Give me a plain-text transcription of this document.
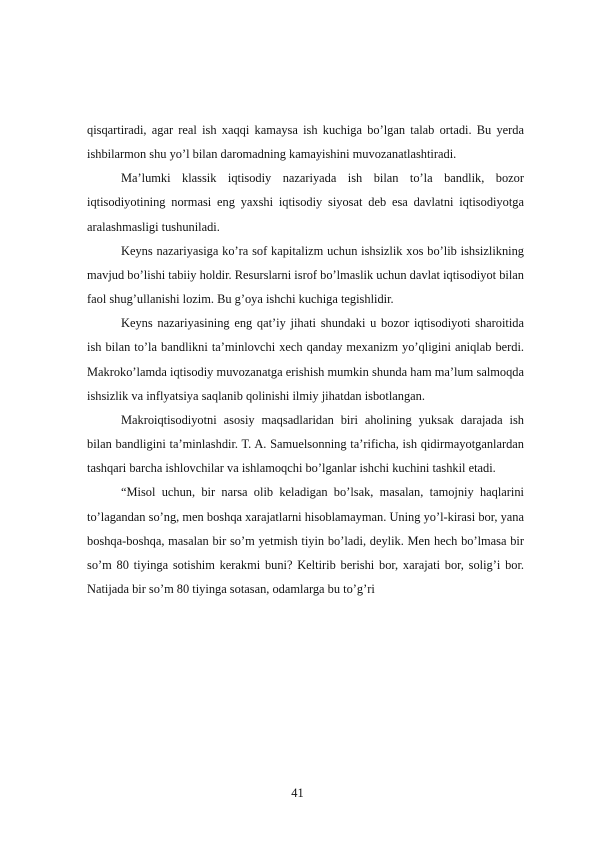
qisqartiradi, agar real ish xaqqi kamaysa ish kuchiga bo’lgan talab ortadi. Bu yerda ishbilarmon shu yo’l bilan daromadning kamayishini muvozanatlashtiradi.

Ma’lumki klassik iqtisodiy nazariyada ish bilan to’la bandlik, bozor iqtisodiyotining normasi eng yaxshi iqtisodiy siyosat deb esa davlatni iqtisodiyotga aralashmasligi tushuniladi.

Keyns nazariyasiga ko’ra sof kapitalizm uchun ishsizlik xos bo’lib ishsizlikning mavjud bo’lishi tabiiy holdir. Resurslarni isrof bo’lmaslik uchun davlat iqtisodiyot bilan faol shug’ullanishi lozim. Bu g’oya ishchi kuchiga tegishlidir.

Keyns nazariyasining eng qat’iy jihati shundaki u bozor iqtisodiyoti sharoitida ish bilan to’la bandlikni ta’minlovchi xech qanday mexanizm yo’qligini aniqlab berdi. Makroko’lamda iqtisodiy muvozanatga erishish mumkin shunda ham ma’lum salmoqda ishsizlik va inflyatsiya saqlanib qolinishi ilmiy jihatdan isbotlangan.

Makroiqtisodiyotni asosiy maqsadlaridan biri aholining yuksak darajada ish bilan bandligini ta’minlashdir. T. A. Samuelsonning ta’rificha, ish qidirmayotganlardan tashqari barcha ishlovchilar va ishlamoqchi bo’lganlar ishchi kuchini tashkil etadi.

“Misol uchun, bir narsa olib keladigan bo’lsak, masalan, tamojniy haqlarini to’lagandan so’ng, men boshqa xarajatlarni hisoblamayman. Uning yo’l-kirasi bor, yana boshqa-boshqa, masalan bir so’m yetmish tiyin bo’ladi, deylik. Men hech bo’lmasa bir so’m 80 tiyinga sotishim kerakmi buni? Keltirib berishi bor, xarajati bor, solig’i bor. Natijada bir so’m 80 tiyinga sotasan, odamlarga bu to’g’ri

41
